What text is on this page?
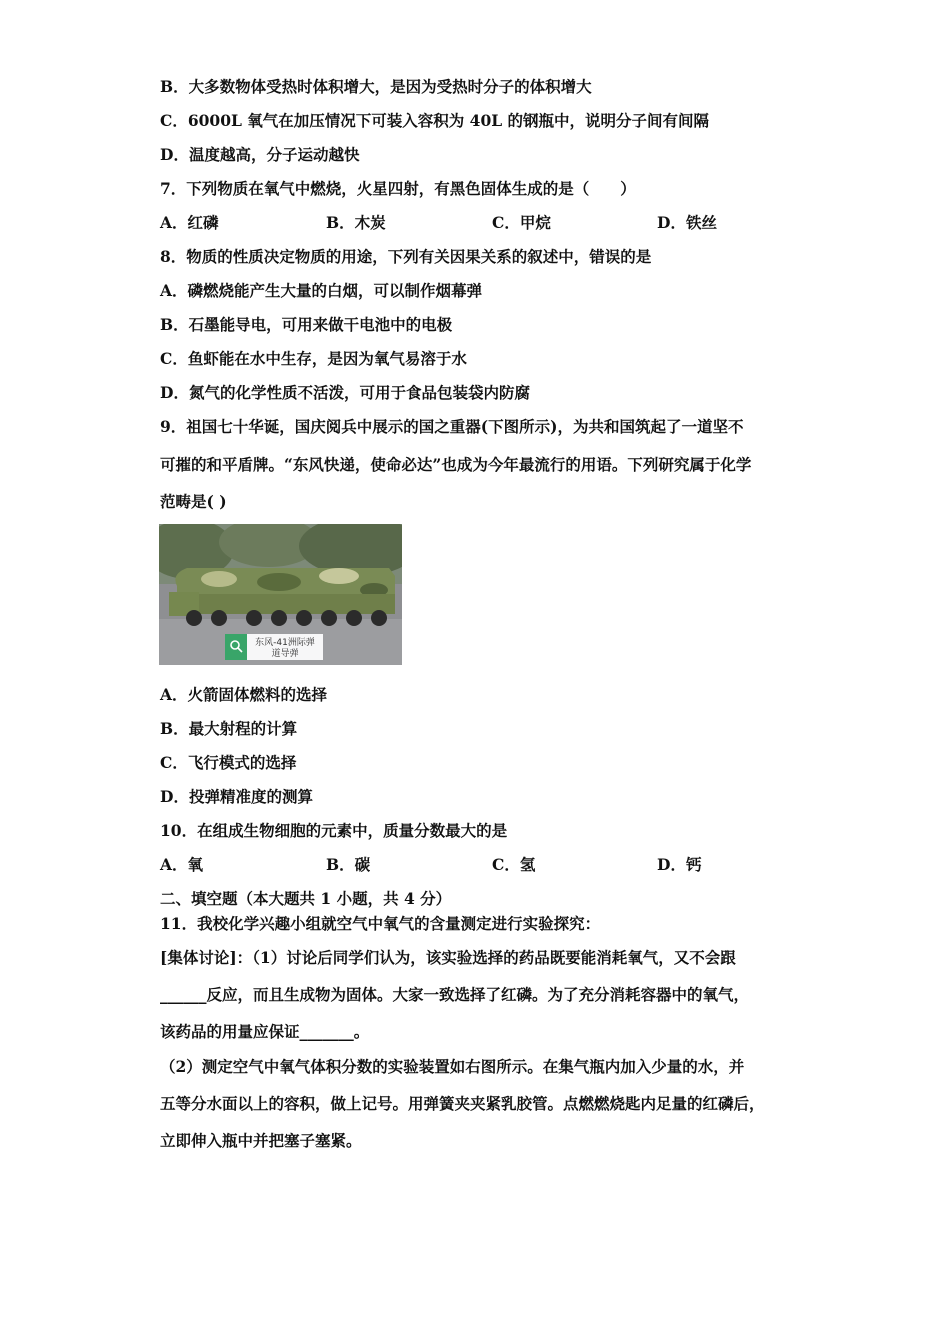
B．大多数物体受热时体积增大，是因为受热时分子的体积增大
C．6000L 氧气在加压情况下可装入容积为 40L 的钢瓶中，说明分子间有间隔
D．温度越高，分子运动越快
7．下列物质在氧气中燃烧，火星四射，有黑色固体生成的是（　　）
A．红磷	B．木炭	C．甲烷	D．铁丝
8．物质的性质决定物质的用途，下列有关因果关系的叙述中，错误的是
A．磷燃烧能产生大量的白烟，可以制作烟幕弹
B．石墨能导电，可用来做干电池中的电极
C．鱼虾能在水中生存，是因为氧气易溶于水
D．氮气的化学性质不活泼，可用于食品包装袋内防腐
9．祖国七十华诞，国庆阅兵中展示的国之重器(下图所示)，为共和国筑起了一道坚不
可摧的和平盾牌。“东风快递，使命必达”也成为今年最流行的用语。下列研究属于化学
范畴是( )
东风-41洲际弹
道导弹
A．火箭固体燃料的选择
B．最大射程的计算
C．飞行模式的选择
D．投弹精准度的测算
10．在组成生物细胞的元素中，质量分数最大的是
A．氧	B．碳	C．氢	D．钙
二、填空题（本大题共 1 小题，共 4 分）
11．我校化学兴趣小组就空气中氧气的含量测定进行实验探究：
[集体讨论]：（1）讨论后同学们认为，该实验选择的药品既要能消耗氧气，又不会跟
______反应，而且生成物为固体。大家一致选择了红磷。为了充分消耗容器中的氧气，
该药品的用量应保证_______。
（2）测定空气中氧气体积分数的实验装置如右图所示。在集气瓶内加入少量的水，并
五等分水面以上的容积，做上记号。用弹簧夹夹紧乳胶管。点燃燃烧匙内足量的红磷后，
立即伸入瓶中并把塞子塞紧。
